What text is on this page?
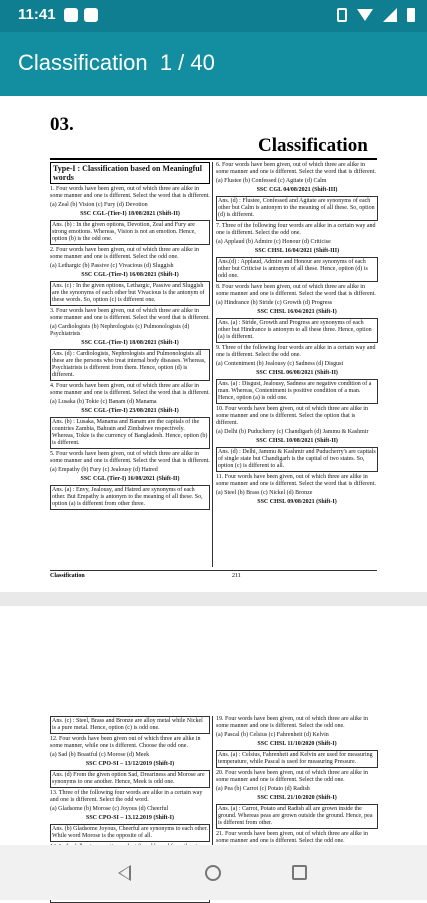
11:41
Classification  1 / 40
03.
Classification

Type-I : Classification based on Meaningful words

1. Four words have been given, out of which three are alike in some manner and one is different. Select the word that is different.

(a) Zeal (b) Vision (c) Fury (d) Devotion

SSC CGL-(Tier-I) 18/08/2021 (Shift-II)

Ans. (b) : In the given options, Devotion, Zeal and Fury are strong emotions. Whereas, Vision is not an emotion. Hence, option (b) is the odd one.

2. Four words have been given, out of which three are alike in some manner and one is different. Select the odd one.

(a) Lethargic (b) Passive (c) Vivacious (d) Sluggish

SSC CGL-(Tier-I) 16/08/2021 (Shift-I)

Ans. (c) : In the given options, Lethargic, Passive and Sluggish are the synonyms of each other but Vivacious is the antonym of these words. So, option (c) is different one.

3. Four words have been given, out of which three are alike in some manner and one is different. Select the word that is different.

(a) Cardiologists (b) Nephrologists (c) Pulmonologists (d) Psychiatrists

SSC CGL-(Tier-I) 18/08/2021 (Shift-I)

Ans. (d) : Cardiologists, Nephrologists and Pulmonologists all these are the persons who treat internal body diseases. Whereas, Psychiatrists is different from them. Hence, option (d) is different.

4. Four words have been given, out of which three are alike in some manner and one is different. Select the word that is different.

(a) Lusaka (b) Tokie (c) Banam (d) Manama

SSC CGL-(Tier-I) 23/08/2021 (Shift-I)

Ans. (b) : Lusaka, Manama and Banam are the capitals of the countries Zambia, Bahrain and Zimbabwe respectively. Whereas, Tokie is the currency of Bangladesh. Hence, option (b) is different.

5. Four words have been given, out of which three are alike in some manner and one is different. Select the word that is different.

(a) Empathy (b) Fury (c) Jealousy (d) Hatred

SSC CGL (Tier-I) 16/08/2021 (Shift-II)

Ans. (a) : Envy, Jealousy, and Hatred are synonyms of each other. But Empathy is antonym to the meaning of all these. So, option (a) is different from other three.

6. Four words have been given, out of which three are alike in some manner and one is different. Select the word that is different.

(a) Flustee (b) Confessed (c) Agitate (d) Calm

SSC CGL 04/08/2021 (Shift-III)

Ans. (d) : Flustee, Confessed and Agitate are synonyms of each other but Calm is antonym to the meaning of all these. So, option (d) is different.

7. Three of the following four words are alike in a certain way and one is different. Select the odd one.

(a) Applaud (b) Admire (c) Honour (d) Criticise

SSC CHSL 16/04/2021 (Shift-III)

Ans.(d) : Applaud, Admire and Honour are synonyms of each other but Criticise is antonym of all these. Hence, option (d) is odd one.

8. Four words have been given, out of which three are alike in some manner and one is different. Select the word that is different.

(a) Hindrance (b) Stride (c) Growth (d) Progress

SSC CHSL 16/04/2021 (Shift-I)

Ans. (a) : Stride, Growth and Progress are synonyms of each other but Hindrance is antonym to all these three. Hence, option (a) is different.

9. Three of the following four words are alike in a certain way and one is different. Select the odd one.

(a) Contentment (b) Jealousy (c) Sadness (d) Disgust

SSC CHSL 06/08/2021 (Shift-II)

Ans. (a) : Disgust, Jealousy, Sadness are negative condition of a man. Whereas, Contentment is positive condition of a man. Hence, option (a) is odd one.

10. Four words have been given, out of which three are alike in some manner and one is different. Select the option that is different.

(a) Delhi (b) Puducherry (c) Chandigarh (d) Jammu & Kashmir

SSC CHSL 10/08/2021 (Shift-II)

Ans. (d) : Delhi, Jammu & Kashmir and Puducherry's are capitals of single state but Chandigarh is the capital of two states. So, option (c) is different to all.

11. Four words have been given, out of which three are alike in some manner and one is different. Select the word that is different.

(a) Steel (b) Brass (c) Nickel (d) Bronze

SSC CHSL 09/08/2021 (Shift-I)

Classification	211

Ans. (c) : Steel, Brass and Bronze are alloy metal while Nickel is a pure metal. Hence, option (c) is odd one.

12. Four words have been given out of which three are alike in some manner, while one is different. Choose the odd one.

(a) Sad (b) Boastful (c) Morose (d) Meek

SSC CPO-SI – 13/12/2019 (Shift-I)

Ans. (d) From the given option Sad, Dreariness and Morose are synonyms to one another. Hence, Meek is odd one.

13. Three of the following four words are alike in a certain way and one is different. Select the odd word.

(a) Gladsome (b) Morose (c) Joyous (d) Cheerful

SSC CPO-SI – 13.12.2019 (Shift-I)

Ans. (b) Gladsome Joyous, Cheerful are synonyms to each other. While word Morose is the opposite of all.

19. Four words have been given, out of which three are alike in some manner and one is different. Select the odd one.

(a) Pascal (b) Celsius (c) Fahrenheit (d) Kelvin

SSC CHSL 11/10/2020 (Shift-I)

Ans. (a) : Celsius, Fahrenheit and Kelvin are used for measuring temperature, while Pascal is used for measuring Pressure.

20. Four words have been given, out of which three are alike in some manner and one is different. Select the odd one.

(a) Pea (b) Carrot (c) Potato (d) Radish

SSC CHSL 21/10/2020 (Shift-I)

Ans. (a) : Carrot, Potato and Radish all are grown inside the ground. Whereas peas are grown outside the ground. Hence, pea is different from other.

21. Four words have been given, out of which three are alike in some manner and one is different. Select the odd one.
